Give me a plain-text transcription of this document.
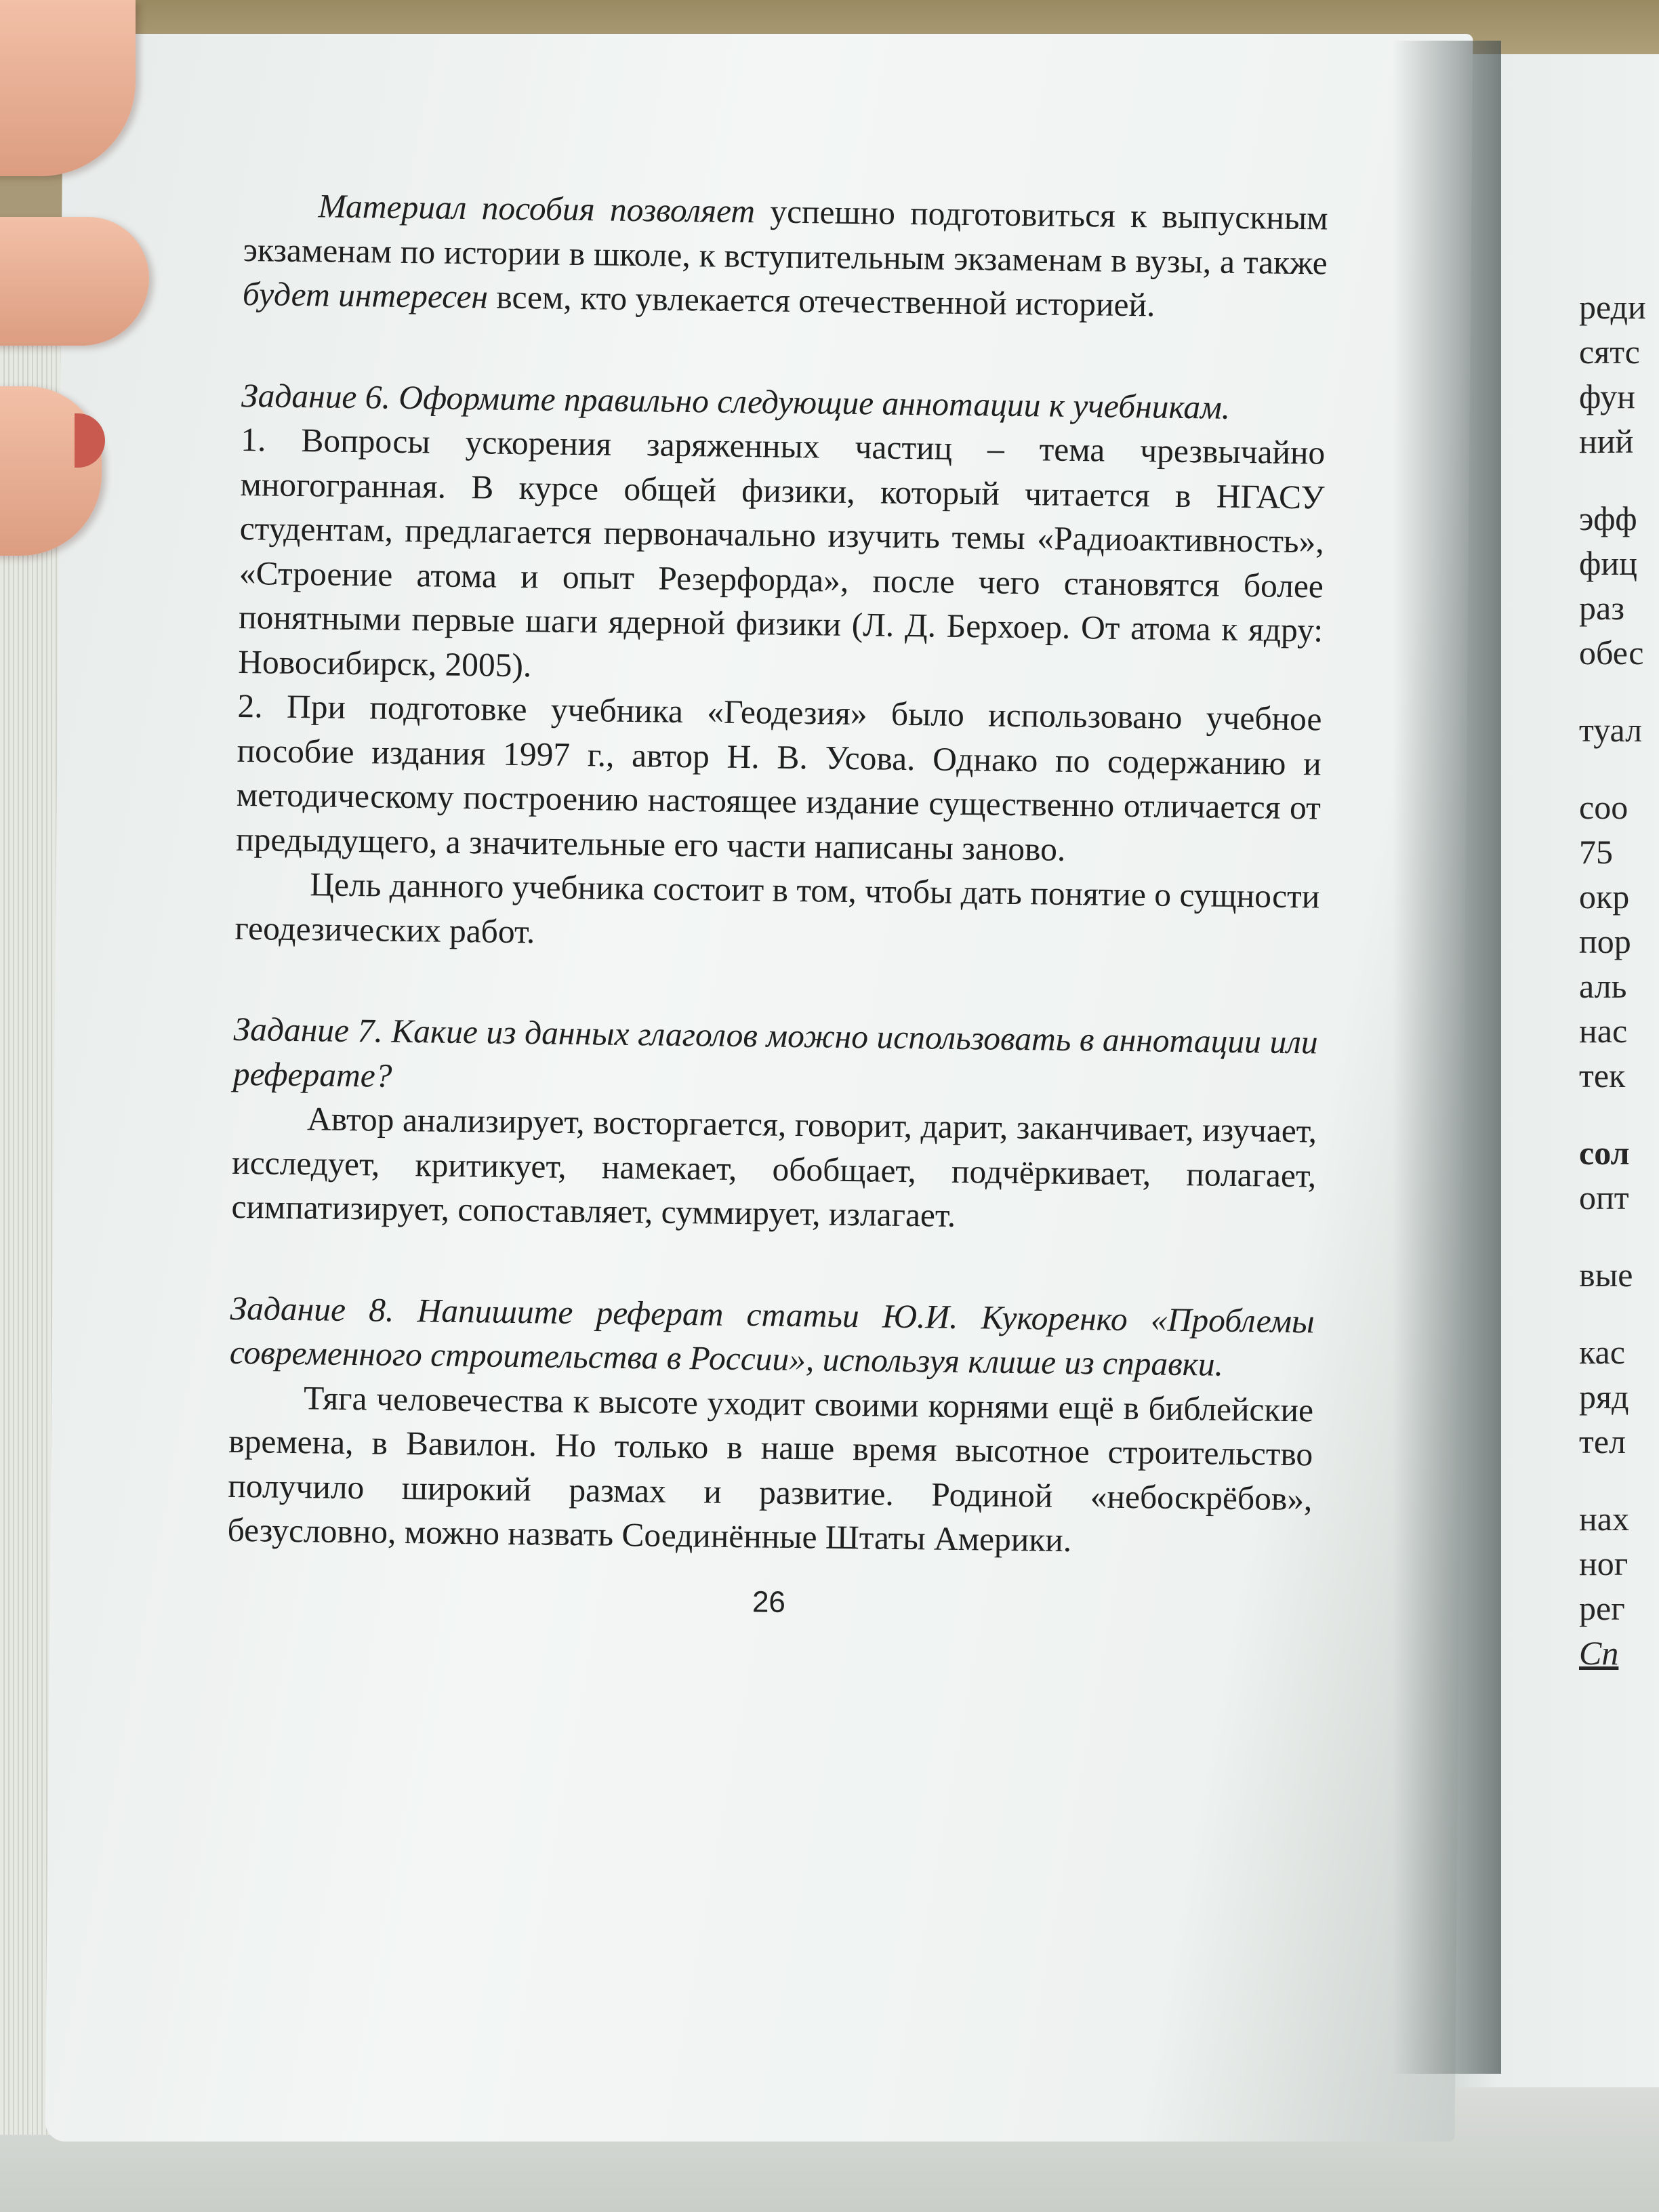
Материал пособия позволяет успешно подготовиться к выпускным экзаменам по истории в школе, к вступительным экзаменам в вузы, а также будет интересен всем, кто увлекается отечественной историей.

Задание 6. Оформите правильно следующие аннотации к учебникам.

1. Вопросы ускорения заряженных частиц – тема чрезвычайно многогранная. В курсе общей физики, который читается в НГАСУ студентам, предлагается первоначально изучить темы «Радиоактивность», «Строение атома и опыт Резерфорда», после чего становятся более понятными первые шаги ядерной физики (Л. Д. Берхоер. От атома к ядру: Новосибирск, 2005).

2. При подготовке учебника «Геодезия» было использовано учебное пособие издания 1997 г., автор Н. В. Усова. Однако по содержанию и методическому построению настоящее издание существенно отличается от предыдущего, а значительные его части написаны заново.

Цель данного учебника состоит в том, чтобы дать понятие о сущности геодезических работ.

Задание 7. Какие из данных глаголов можно использовать в аннотации или реферате?

Автор анализирует, восторгается, говорит, дарит, заканчивает, изучает, исследует, критикует, намекает, обобщает, подчёркивает, полагает, симпатизирует, сопоставляет, суммирует, излагает.

Задание 8. Напишите реферат статьи Ю.И. Кукоренко «Проблемы современного строительства в России», используя клише из справки.

Тяга человечества к высоте уходит своими корнями ещё в библейские времена, в Вавилон. Но только в наше время высотное строительство получило широкий размах и развитие. Родиной «небоскрёбов», безусловно, можно назвать Соединённые Штаты Америки.

26
реди
сятс
фун
ний
эфф
фиц
раз
обес
туал
соо
75
окр
пор
аль
нас
тек
сол
опт
вые
кас
ряд
тел
нах
ног
рег
Сп
